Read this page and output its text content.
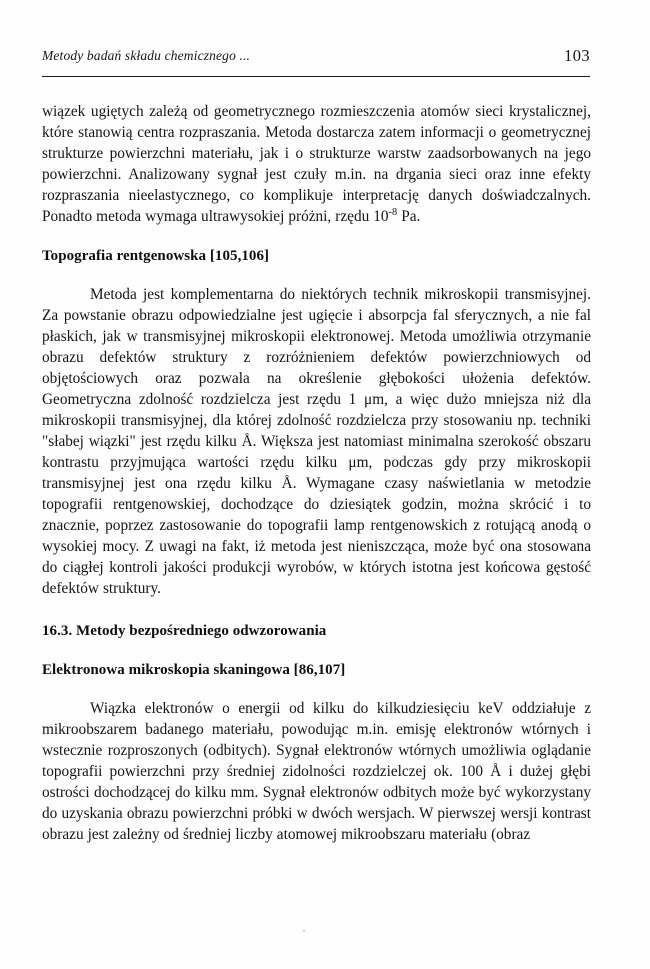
Metody badań składu chemicznego ...	103

wiązek ugiętych zależą od geometrycznego rozmieszczenia atomów sieci krystalicznej, które stanowią centra rozpraszania. Metoda dostarcza zatem informacji o geometrycznej strukturze powierzchni materiału, jak i o strukturze warstw zaadsorbowanych na jego powierzchni. Analizowany sygnał jest czuły m.in. na drgania sieci oraz inne efekty rozpraszania nieelastycznego, co komplikuje interpretację danych doświadczalnych. Ponadto metoda wymaga ultrawysokiej próżni, rzędu $10^{-8}$ Pa.

Topografia rentgenowska [105,106]

Metoda jest komplementarna do niektórych technik mikroskopii transmisyjnej. Za powstanie obrazu odpowiedzialne jest ugięcie i absorpcja fal sferycznych, a nie fal płaskich, jak w transmisyjnej mikroskopii elektronowej. Metoda umożliwia otrzymanie obrazu defektów struktury z rozróżnieniem defektów powierzchniowych od objętościowych oraz pozwala na określenie głębokości ułożenia defektów. Geometryczna zdolność rozdzielcza jest rzędu 1 μm, a więc dużo mniejsza niż dla mikroskopii transmisyjnej, dla której zdolność rozdzielcza przy stosowaniu np. techniki "słabej wiązki" jest rzędu kilku Å. Większa jest natomiast minimalna szerokość obszaru kontrastu przyjmująca wartości rzędu kilku μm, podczas gdy przy mikroskopii transmisyjnej jest ona rzędu kilku Å. Wymagane czasy naświetlania w metodzie topografii rentgenowskiej, dochodzące do dziesiątek godzin, można skrócić i to znacznie, poprzez zastosowanie do topografii lamp rentgenowskich z rotującą anodą o wysokiej mocy. Z uwagi na fakt, iż metoda jest nieniszcząca, może być ona stosowana do ciągłej kontroli jakości produkcji wyrobów, w których istotna jest końcowa gęstość defektów struktury.

16.3. Metody bezpośredniego odwzorowania
Elektronowa mikroskopia skaningowa [86,107]

Wiązka elektronów o energii od kilku do kilkudziesięciu keV oddziałuje z mikroobszarem badanego materiału, powodując m.in. emisję elektronów wtórnych i wstecznie rozproszonych (odbitych). Sygnał elektronów wtórnych umożliwia oglądanie topografii powierzchni przy średniej zidolności rozdzielczej ok. 100 Å i dużej głębi ostrości dochodzącej do kilku mm. Sygnał elektronów odbitych może być wykorzystany do uzyskania obrazu powierzchni próbki w dwóch wersjach. W pierwszej wersji kontrast obrazu jest zależny od średniej liczby atomowej mikroobszaru materiału (obraz
